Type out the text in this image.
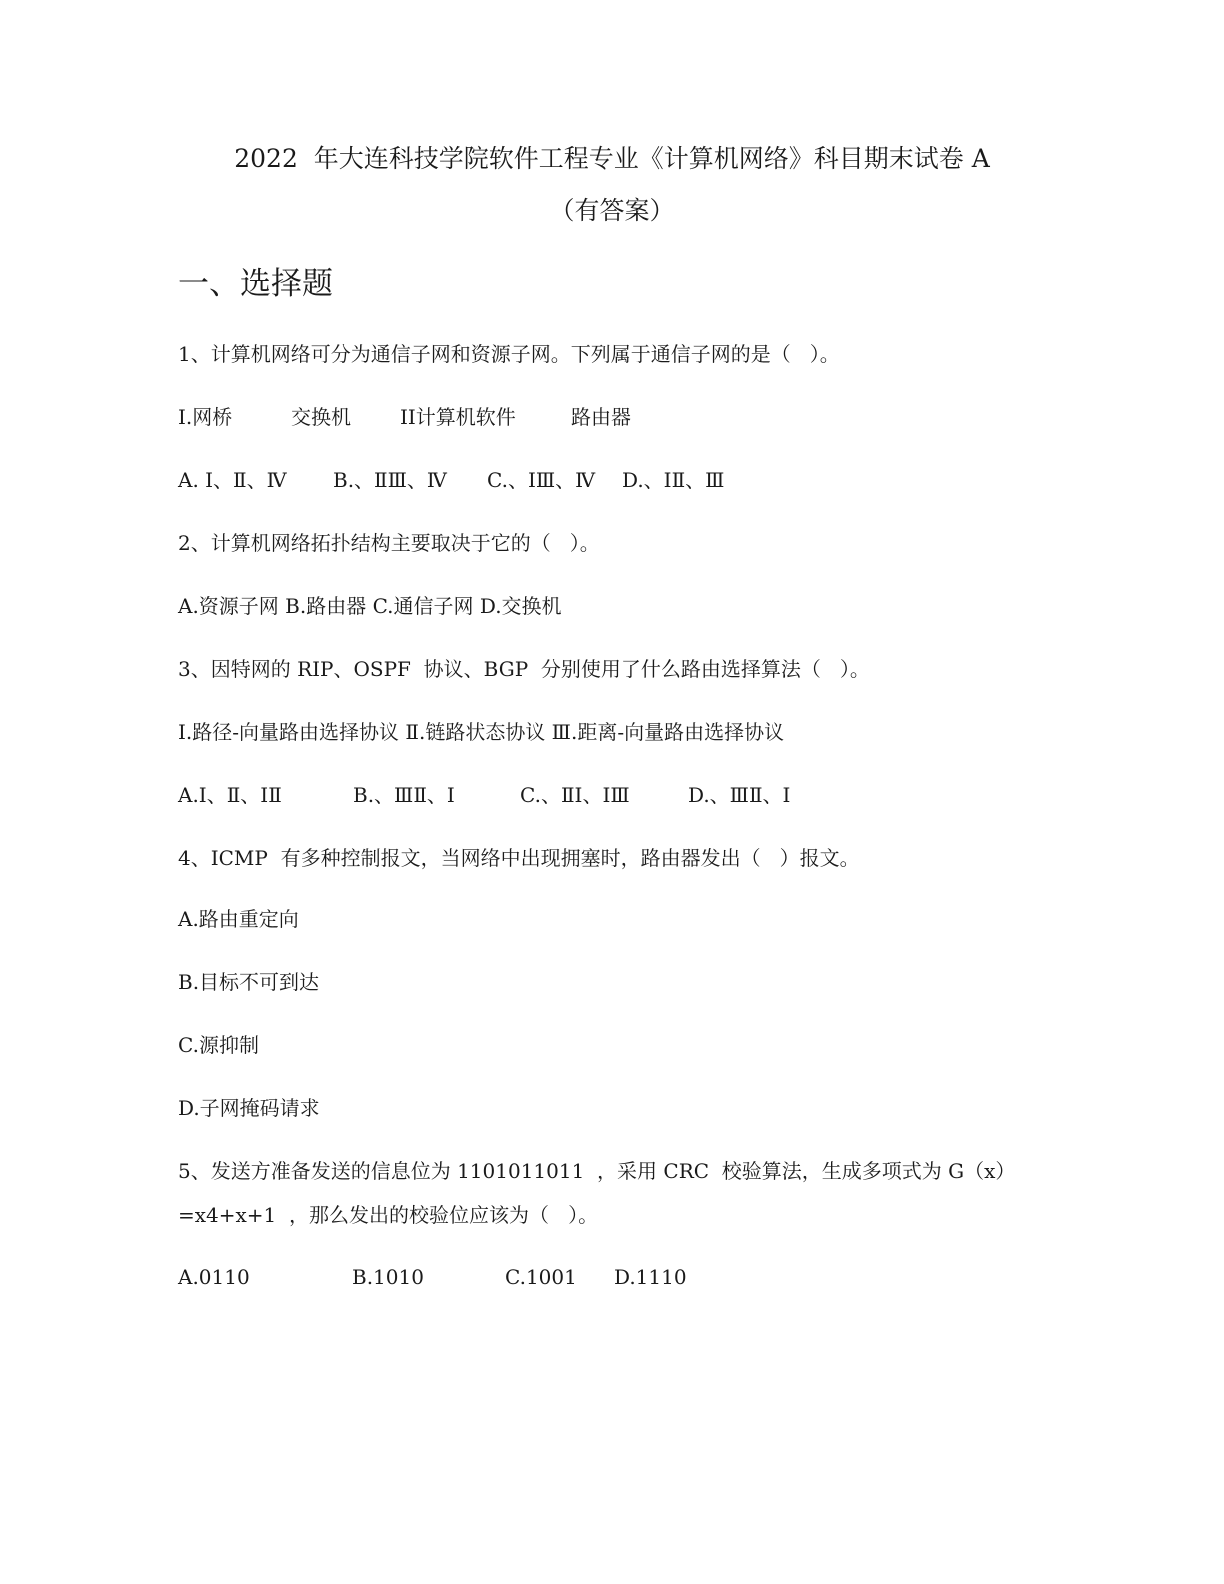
2022  年大连科技学院软件工程专业《计算机网络》科目期末试卷 A
（有答案）
一、选择题
1、计算机网络可分为通信子网和资源子网。下列属于通信子网的是（   ）。
I.网桥	交换机 II计算机软件	路由器
A. Ⅰ、Ⅱ、Ⅳ B.、ⅡⅢ、Ⅳ C.、ⅠⅢ、Ⅳ D.、ⅠⅡ、Ⅲ
2、计算机网络拓扑结构主要取决于它的（   ）。
A.资源子网 B.路由器 C.通信子网 D.交换机
3、因特网的 RIP、OSPF  协议、BGP  分别使用了什么路由选择算法（   ）。
I.路径-向量路由选择协议 Ⅱ.链路状态协议 Ⅲ.距离-向量路由选择协议
A.Ⅰ、Ⅱ、ⅠⅡ	B.、ⅢⅡ、Ⅰ	C.、ⅡⅠ、ⅠⅢ	D.、ⅢⅡ、Ⅰ
4、ICMP  有多种控制报文，当网络中出现拥塞时，路由器发出（   ）报文。
A.路由重定向
B.目标不可到达
C.源抑制
D.子网掩码请求
5、发送方准备发送的信息位为 1101011011  ，采用 CRC  校验算法，生成多项式为 G（x）
=x4+x+1  ，那么发出的校验位应该为（   ）。
A.0110	B.1010	C.1001 D.1110
